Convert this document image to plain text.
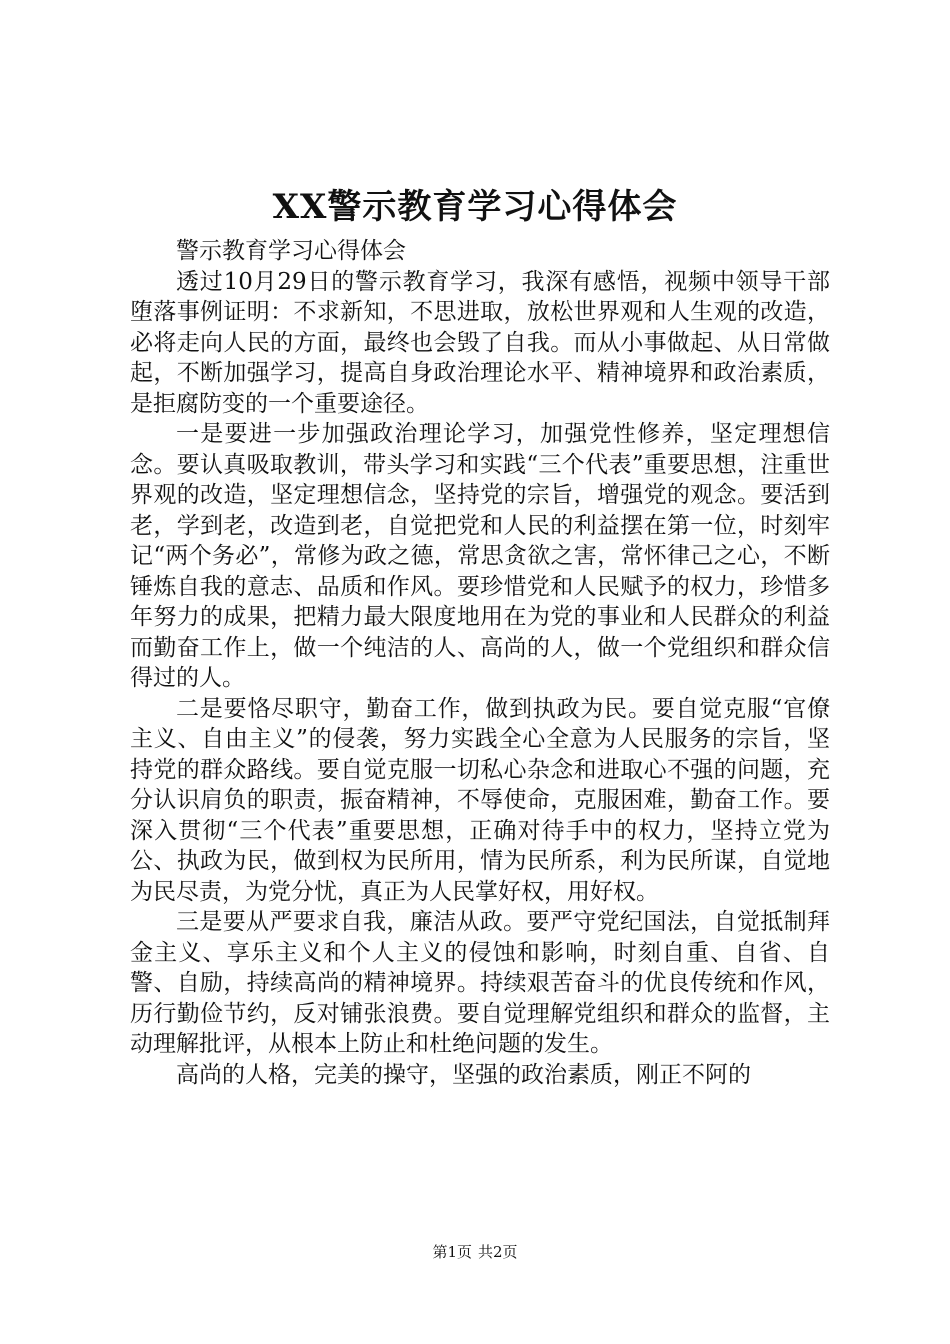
XX警示教育学习心得体会

警示教育学习心得体会

透过10月29日的警示教育学习，我深有感悟，视频中领导干部堕落事例证明：不求新知，不思进取，放松世界观和人生观的改造，必将走向人民的方面，最终也会毁了自我。而从小事做起、从日常做起，不断加强学习，提高自身政治理论水平、精神境界和政治素质，是拒腐防变的一个重要途径。

一是要进一步加强政治理论学习，加强党性修养，坚定理想信念。要认真吸取教训，带头学习和实践“三个代表”重要思想，注重世界观的改造，坚定理想信念，坚持党的宗旨，增强党的观念。要活到老，学到老，改造到老，自觉把党和人民的利益摆在第一位，时刻牢记“两个务必”，常修为政之德，常思贪欲之害，常怀律己之心，不断锤炼自我的意志、品质和作风。要珍惜党和人民赋予的权力，珍惜多年努力的成果，把精力最大限度地用在为党的事业和人民群众的利益而勤奋工作上，做一个纯洁的人、高尚的人，做一个党组织和群众信得过的人。

二是要恪尽职守，勤奋工作，做到执政为民。要自觉克服“官僚主义、自由主义”的侵袭，努力实践全心全意为人民服务的宗旨，坚持党的群众路线。要自觉克服一切私心杂念和进取心不强的问题，充分认识肩负的职责，振奋精神，不辱使命，克服困难，勤奋工作。要深入贯彻“三个代表”重要思想，正确对待手中的权力，坚持立党为公、执政为民，做到权为民所用，情为民所系，利为民所谋，自觉地为民尽责，为党分忧，真正为人民掌好权，用好权。

三是要从严要求自我，廉洁从政。要严守党纪国法，自觉抵制拜金主义、享乐主义和个人主义的侵蚀和影响，时刻自重、自省、自警、自励，持续高尚的精神境界。持续艰苦奋斗的优良传统和作风，历行勤俭节约，反对铺张浪费。要自觉理解党组织和群众的监督，主动理解批评，从根本上防止和杜绝问题的发生。

高尚的人格，完美的操守，坚强的政治素质，刚正不阿的

第1页 共2页
